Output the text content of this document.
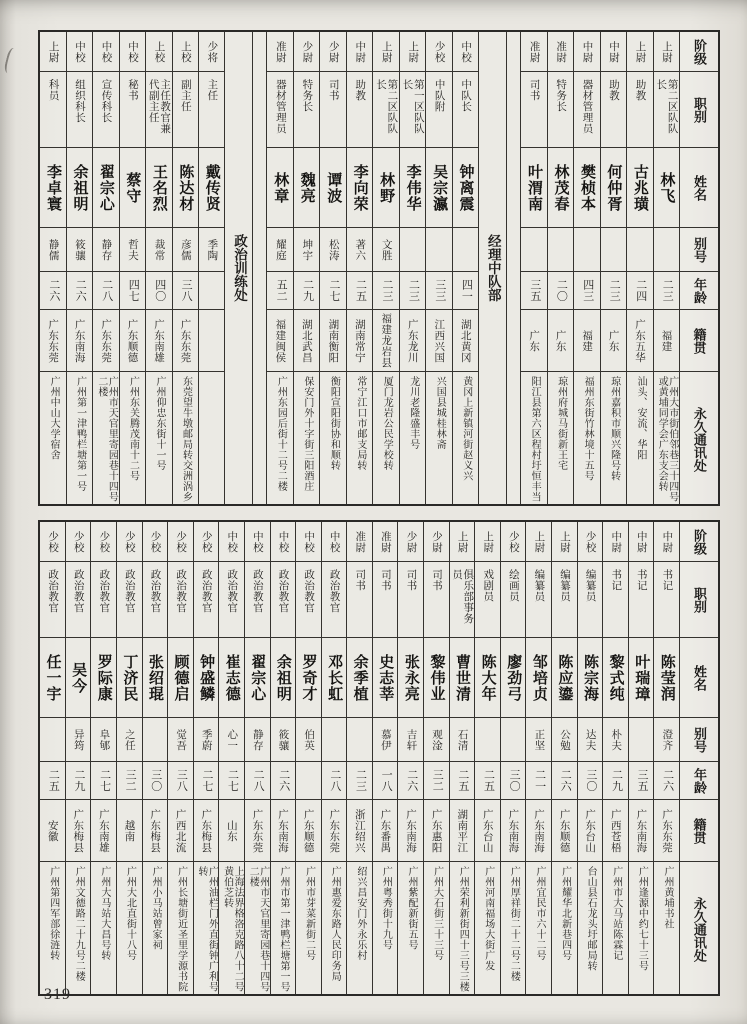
阶级
职别
姓名
别号
年龄
籍贯
永久通讯处
上尉
第二区队队长
林飞
二三
福建
广州大市街伯邻巷三十四号或黄埔同学会广东支会转
上尉
助教
古兆璜
二四
广东五华
汕头、安流、华阳
中尉
助教
何仲胥
二三
广东
琼州嘉积市顺兴隆号转
中尉
器材管理员
樊桢本
四三
福建
福州东街竹林境十五号
准尉
特务长
林茂春
二〇
广东
琼州府城马街新王宅
准尉
司书
叶渭南
三五
广东
阳江县第六区程村圩恒丰当
经理中队部
中校
中队长
钟离震
四一
湖北黄冈
黄冈上新镇河街赵义兴
少校
中队附
吴宗瀛
三三
江西兴国
兴国县城桂林斋
上尉
第一区队队长
李伟华
二三
广东龙川
龙川老隆盛丰号
上尉
第二区队队长
林野
文胜
二三
福建龙岩县
厦门龙岩公民学校转
中尉
助教
李向荣
著六
二五
湖南常宁
常宁江口市邮支局转
少尉
司书
谭波
松涛
二七
湖南衡阳
衡阳宣阳街协和顺转
少尉
特务长
魏亮
坤宇
二九
湖北武昌
保安门外十字街三阳酒庄
准尉
器材管理员
林章
耀庭
五二
福建闽侯
广州东园后街十二号二楼
政治训练处
少将
主任
戴传贤
季陶
上校
副主任
陈达材
彦儒
三八
广东东莞
东莞望牛墩邮局转交洲涡乡
上校
主任教官兼代副主任
王名烈
裁常
四〇
广东南雄
广州仰忠东街十一号
中校
秘书
蔡守
哲夫
四七
广东顺德
广州东关腾茂南十二号
中校
宣传科长
翟宗心
静存
二八
广东东莞
广州市天官里寄园巷十四号二楼
中校
组织科长
余祖明
筱骧
二六
广东南海
广州第一津鸭栏塘第一号
上尉
科员
李卓寰
静儒
二六
广东东莞
广州中山大学宿舍
阶级
职别
姓名
别号
年龄
籍贯
永久通讯处
中尉
书记
陈莹润
澄齐
二六
广东东莞
广州黄埔书社
中尉
书记
叶瑞璋
三五
广东南海
广州逢源中约七十三号
中尉
书记
黎式纯
朴夫
二九
广西苍梧
广州市大马站陈霖记
少校
编纂员
陈宗海
达夫
三〇
广东台山
台山县石龙头圩邮局转
上尉
编纂员
陈应鎏
公勉
二六
广东顺德
广州耀华北新巷四号
上尉
编纂员
邹培贞
正坚
二一
广东南海
广州宜民市六十二号
少校
绘画员
廖劲弓
三〇
广东南海
广州厚祥街二十二号二楼
上尉
戏剧员
陈大年
二五
广东台山
广州河南福场大街广发
上尉
俱乐部事务员
曹世清
石清
二五
湖南平江
广州荣利新街四十三号三楼
少尉
司书
黎伟业
观淦
三二
广东惠阳
广州大石街三十三号
少尉
司书
张永亮
吉轩
二六
广东南海
广州紫配新街五号
准尉
司书
史志莘
慕伊
一八
广东番禺
广州粤秀街十九号
准尉
司书
余季植
二三
浙江绍兴
绍兴昌安门外永乐村
中校
政治教官
邓长虹
二八
广东东莞
广州惠爱东路人民印务局
中校
政治教官
罗奇才
伯英
广东顺德
广州市芽菜新街二号
中校
政治教官
余祖明
筱骧
二六
广东南海
广州市第一津鸭栏塘第一号
中校
政治教官
翟宗心
静存
二八
广东东莞
广州市天官里寄园巷十四号二楼
中校
政治教官
崔志德
心一
二七
山东
上海法界格洛克路八十二号黄伯芝转
少校
政治教官
钟盛鳞
季蔚
二七
广东梅县
广州油栏门外直街钟广利号转
少校
政治教官
顾德启
觉吾
三八
广西北流
广州长塘街近圣里学源书院
少校
政治教官
张绍琨
三〇
广东梅县
广州小马站曾家祠
少校
政治教官
丁济民
之任
三二
越南
广州大北直街十八号
少校
政治教官
罗际康
阜郇
二七
广东南雄
广州大马站大昌号转
少校
政治教官
吴今
异筠
二九
广东梅县
广州文德路二十九号二楼
少校
政治教官
任一宇
二五
安徽
广州第四军部徐涟转
319
